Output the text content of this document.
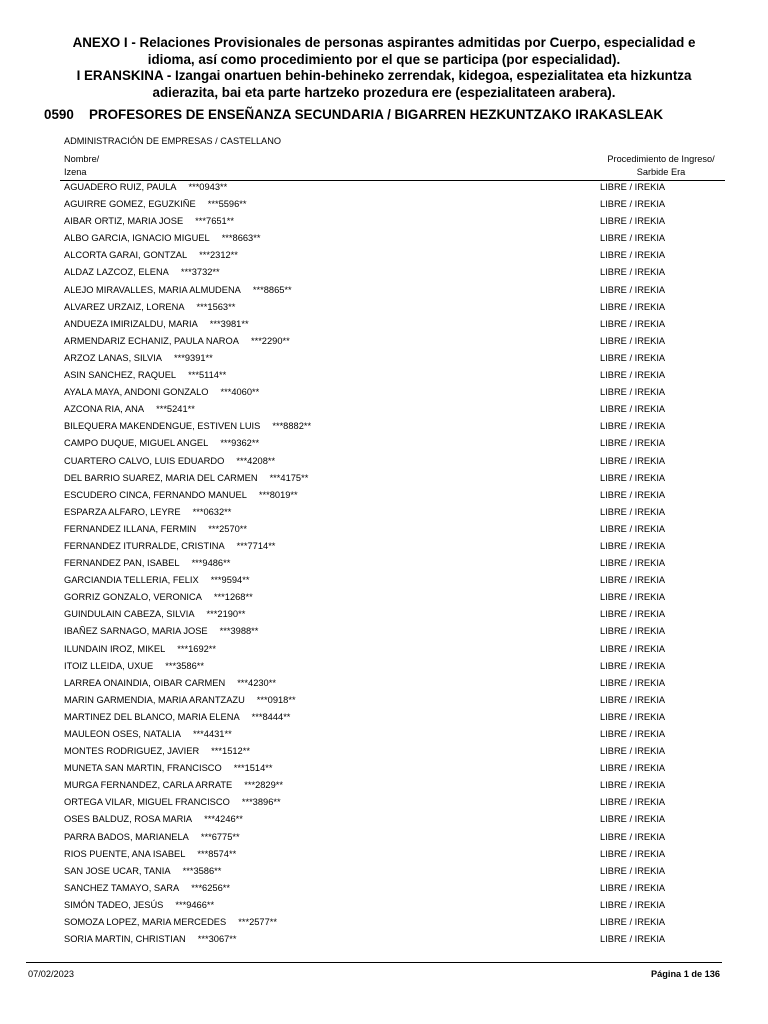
ANEXO I - Relaciones Provisionales de personas aspirantes admitidas por Cuerpo, especialidad e
idioma, así como procedimiento por el que se participa (por especialidad).
I ERANSKINA - Izangai onartuen behin-behineko zerrendak, kidegoa, espezialitatea eta hizkuntza
adierazita, bai eta parte hartzeko prozedura ere (espezialitateen arabera).
0590 PROFESORES DE ENSEÑANZA SECUNDARIA / BIGARREN HEZKUNTZAKO IRAKASLEAK
ADMINISTRACIÓN DE EMPRESAS / CASTELLANO
Nombre/
Izena
Procedimiento de Ingreso/
Sarbide Era
AGUADERO RUIZ, PAULA ***0943**	LIBRE / IREKIA
AGUIRRE GOMEZ, EGUZKIÑE ***5596**	LIBRE / IREKIA
AIBAR ORTIZ, MARIA JOSE ***7651**	LIBRE / IREKIA
ALBO GARCIA, IGNACIO MIGUEL ***8663**	LIBRE / IREKIA
ALCORTA GARAI, GONTZAL ***2312**	LIBRE / IREKIA
ALDAZ LAZCOZ, ELENA ***3732**	LIBRE / IREKIA
ALEJO MIRAVALLES, MARIA ALMUDENA ***8865**	LIBRE / IREKIA
ALVAREZ URZAIZ, LORENA ***1563**	LIBRE / IREKIA
ANDUEZA IMIRIZALDU, MARIA ***3981**	LIBRE / IREKIA
ARMENDARIZ ECHANIZ, PAULA NAROA ***2290**	LIBRE / IREKIA
ARZOZ LANAS, SILVIA ***9391**	LIBRE / IREKIA
ASIN SANCHEZ, RAQUEL ***5114**	LIBRE / IREKIA
AYALA MAYA, ANDONI GONZALO ***4060**	LIBRE / IREKIA
AZCONA RIA, ANA ***5241**	LIBRE / IREKIA
BILEQUERA MAKENDENGUE, ESTIVEN LUIS ***8882**	LIBRE / IREKIA
CAMPO DUQUE, MIGUEL ANGEL ***9362**	LIBRE / IREKIA
CUARTERO CALVO, LUIS EDUARDO ***4208**	LIBRE / IREKIA
DEL BARRIO SUAREZ, MARIA DEL CARMEN ***4175**	LIBRE / IREKIA
ESCUDERO CINCA, FERNANDO MANUEL ***8019**	LIBRE / IREKIA
ESPARZA ALFARO, LEYRE ***0632**	LIBRE / IREKIA
FERNANDEZ ILLANA, FERMIN ***2570**	LIBRE / IREKIA
FERNANDEZ ITURRALDE, CRISTINA ***7714**	LIBRE / IREKIA
FERNANDEZ PAN, ISABEL ***9486**	LIBRE / IREKIA
GARCIANDIA TELLERIA, FELIX ***9594**	LIBRE / IREKIA
GORRIZ GONZALO, VERONICA ***1268**	LIBRE / IREKIA
GUINDULAIN CABEZA, SILVIA ***2190**	LIBRE / IREKIA
IBAÑEZ SARNAGO, MARIA JOSE ***3988**	LIBRE / IREKIA
ILUNDAIN IROZ, MIKEL ***1692**	LIBRE / IREKIA
ITOIZ LLEIDA, UXUE ***3586**	LIBRE / IREKIA
LARREA ONAINDIA, OIBAR CARMEN ***4230**	LIBRE / IREKIA
MARIN GARMENDIA, MARIA ARANTZAZU ***0918**	LIBRE / IREKIA
MARTINEZ DEL BLANCO, MARIA ELENA ***8444**	LIBRE / IREKIA
MAULEON OSES, NATALIA ***4431**	LIBRE / IREKIA
MONTES RODRIGUEZ, JAVIER ***1512**	LIBRE / IREKIA
MUNETA SAN MARTIN, FRANCISCO ***1514**	LIBRE / IREKIA
MURGA FERNANDEZ, CARLA ARRATE ***2829**	LIBRE / IREKIA
ORTEGA VILAR, MIGUEL FRANCISCO ***3896**	LIBRE / IREKIA
OSES BALDUZ, ROSA MARIA ***4246**	LIBRE / IREKIA
PARRA BADOS, MARIANELA ***6775**	LIBRE / IREKIA
RIOS PUENTE, ANA ISABEL ***8574**	LIBRE / IREKIA
SAN JOSE UCAR, TANIA ***3586**	LIBRE / IREKIA
SANCHEZ TAMAYO, SARA ***6256**	LIBRE / IREKIA
SIMÓN TADEO, JESÚS ***9466**	LIBRE / IREKIA
SOMOZA LOPEZ, MARIA MERCEDES ***2577**	LIBRE / IREKIA
SORIA MARTIN, CHRISTIAN ***3067**	LIBRE / IREKIA
07/02/2023	Página 1 de 136
